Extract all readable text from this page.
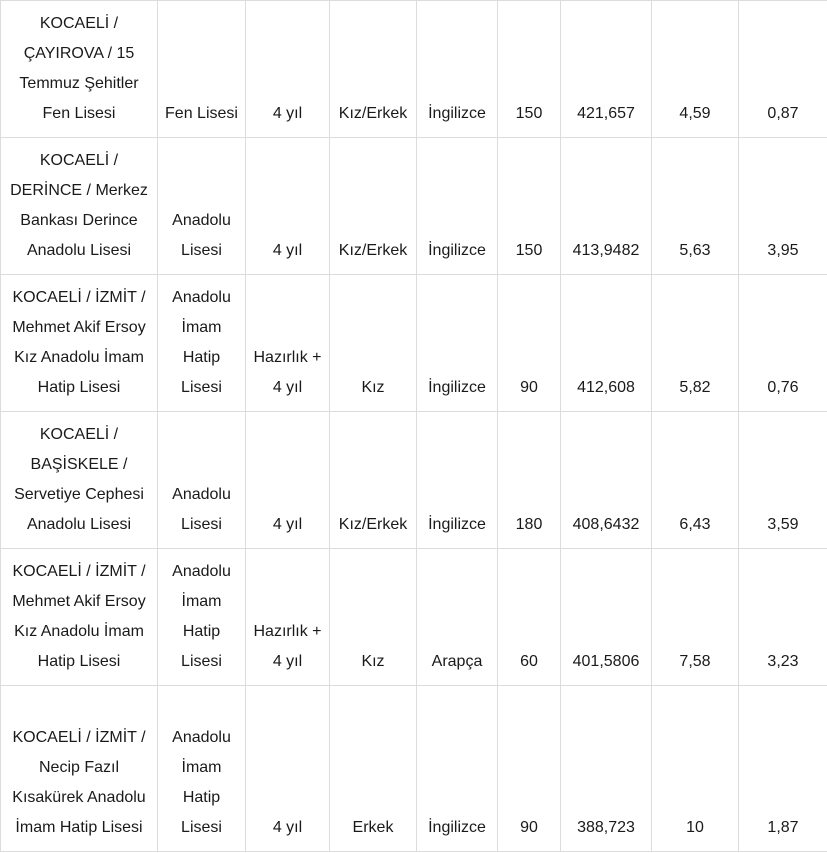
KOCAELİ / ÇAYIROVA / 15 Temmuz Şehitler Fen Lisesi	Fen Lisesi	4 yıl	Kız/Erkek	İngilizce	150	421,657	4,59	0,87
KOCAELİ / DERİNCE / Merkez Bankası Derince Anadolu Lisesi	Anadolu Lisesi	4 yıl	Kız/Erkek	İngilizce	150	413,9482	5,63	3,95
KOCAELİ / İZMİT / Mehmet Akif Ersoy Kız Anadolu İmam Hatip Lisesi	Anadolu İmam Hatip Lisesi	Hazırlık + 4 yıl	Kız	İngilizce	90	412,608	5,82	0,76
KOCAELİ / BAŞİSKELE / Servetiye Cephesi Anadolu Lisesi	Anadolu Lisesi	4 yıl	Kız/Erkek	İngilizce	180	408,6432	6,43	3,59
KOCAELİ / İZMİT / Mehmet Akif Ersoy Kız Anadolu İmam Hatip Lisesi	Anadolu İmam Hatip Lisesi	Hazırlık + 4 yıl	Kız	Arapça	60	401,5806	7,58	3,23
KOCAELİ / İZMİT / Necip Fazıl Kısakürek Anadolu İmam Hatip Lisesi	Anadolu İmam Hatip Lisesi	4 yıl	Erkek	İngilizce	90	388,723	10	1,87
